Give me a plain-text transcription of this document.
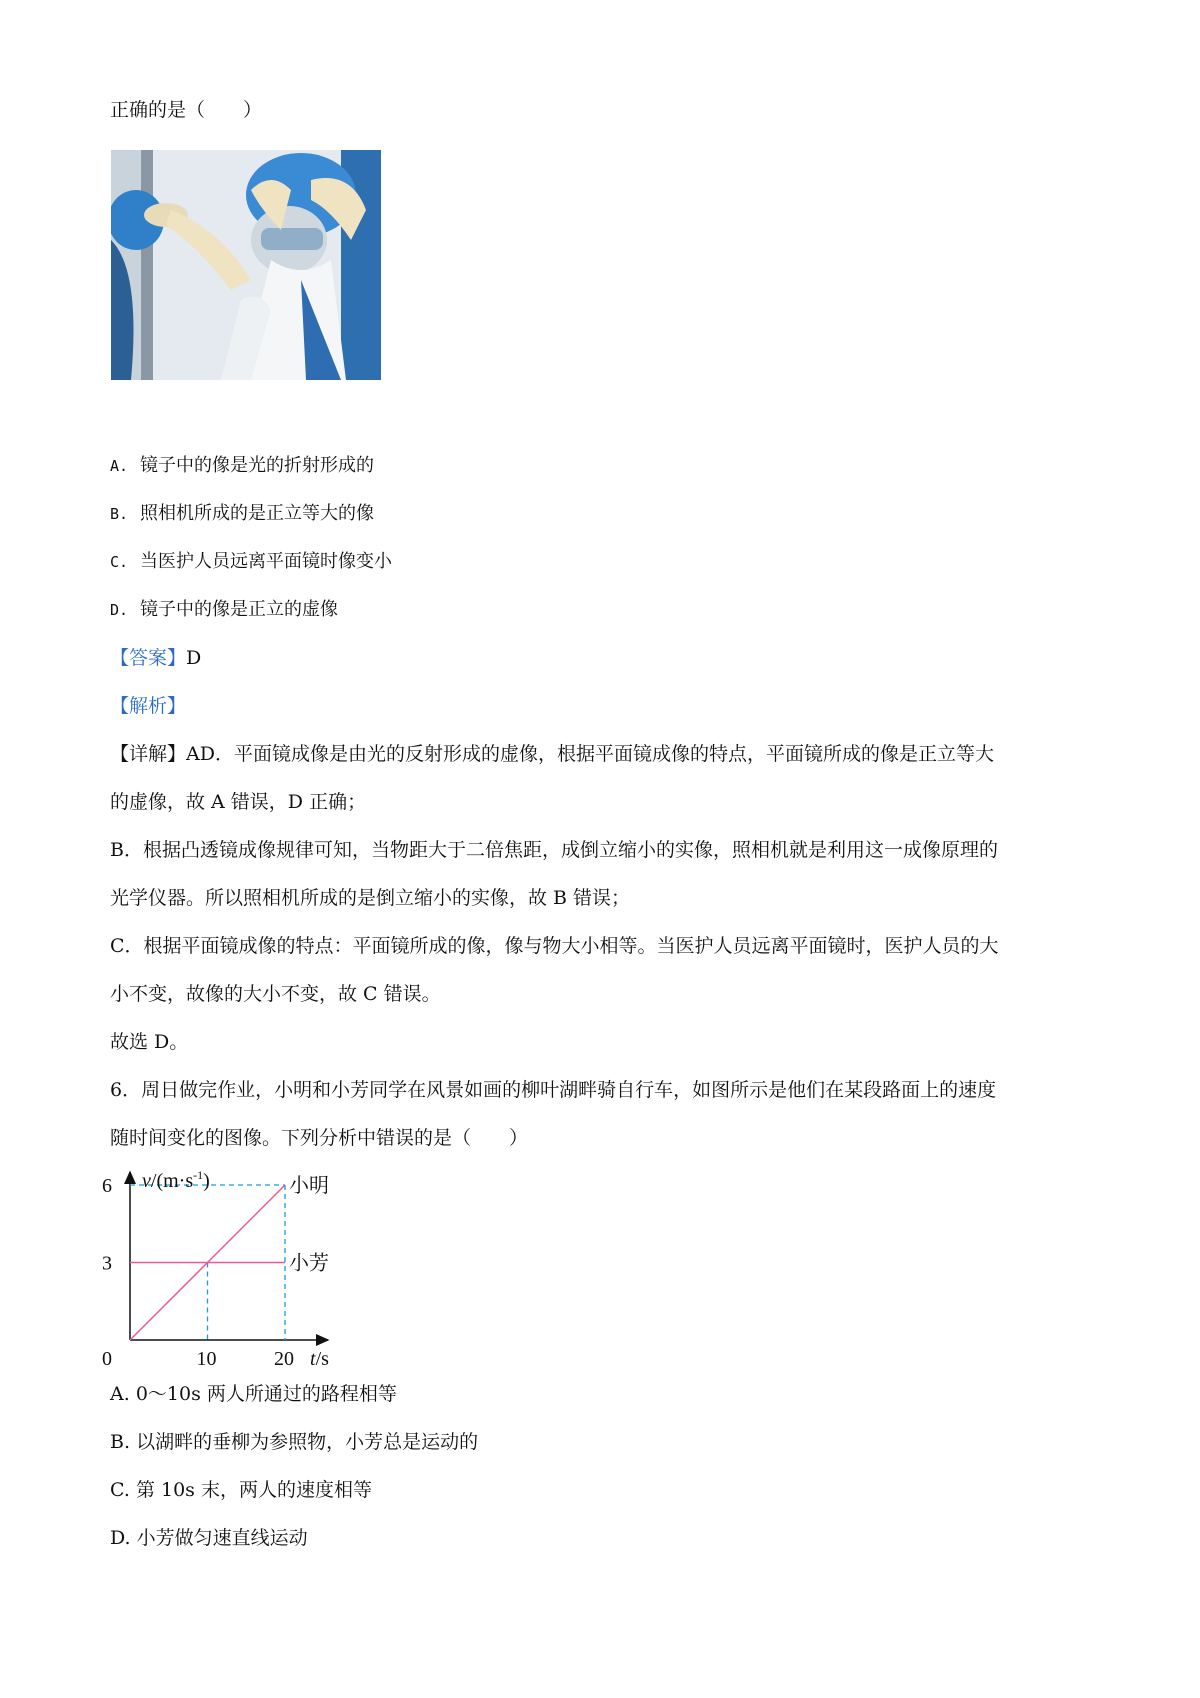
正确的是（　　）
A. 镜子中的像是光的折射形成的
B. 照相机所成的是正立等大的像
C. 当医护人员远离平面镜时像变小
D. 镜子中的像是正立的虚像
【答案】D
【解析】
【详解】AD．平面镜成像是由光的反射形成的虚像，根据平面镜成像的特点，平面镜所成的像是正立等大
的虚像，故 A 错误，D 正确；
B．根据凸透镜成像规律可知，当物距大于二倍焦距，成倒立缩小的实像，照相机就是利用这一成像原理的
光学仪器。所以照相机所成的是倒立缩小的实像，故 B 错误；
C．根据平面镜成像的特点：平面镜所成的像，像与物大小相等。当医护人员远离平面镜时，医护人员的大
小不变，故像的大小不变，故 C 错误。
故选 D。
6．周日做完作业，小明和小芳同学在风景如画的柳叶湖畔骑自行车，如图所示是他们在某段路面上的速度
随时间变化的图像。下列分析中错误的是（　　）
小明
小芳
3
6
0	10	20
$v/(m\cdot s^{-1})$
t/s
A. 0～10s 两人所通过的路程相等
B. 以湖畔的垂柳为参照物，小芳总是运动的
C. 第 10s 末，两人的速度相等
D. 小芳做匀速直线运动
